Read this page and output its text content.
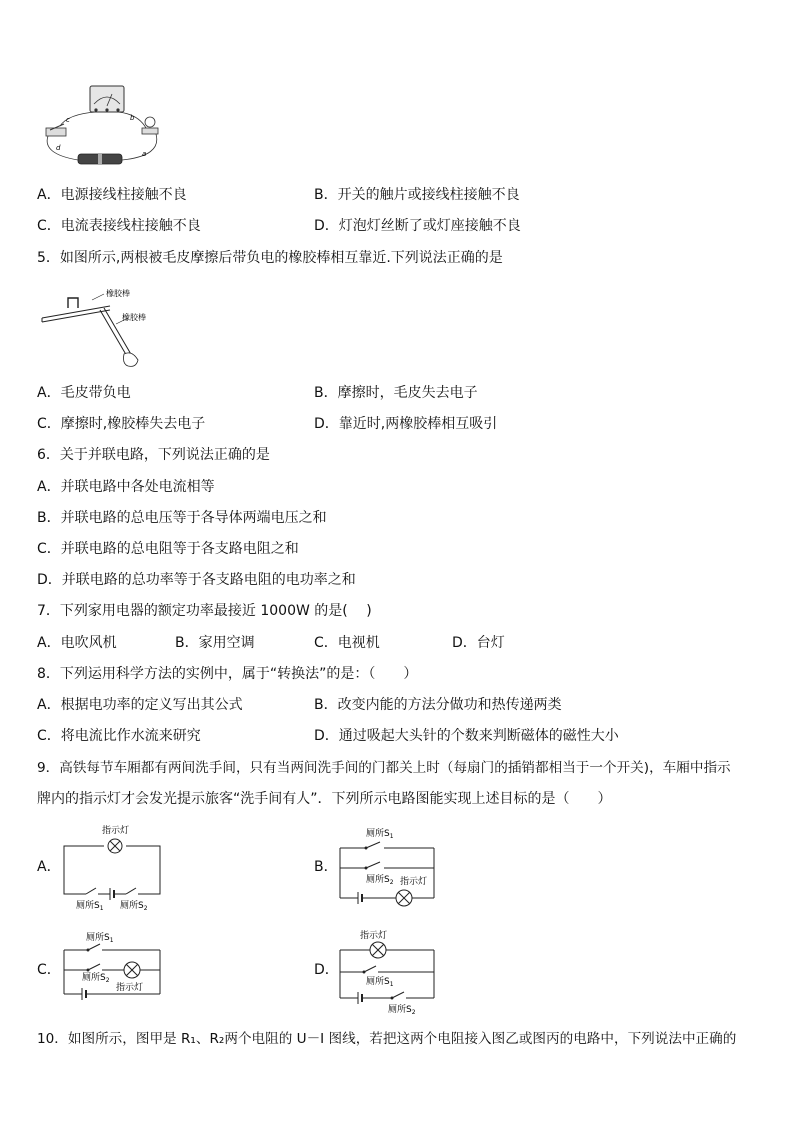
c	b
d
a
A．电源接线柱接触不良	B．开关的触片或接线柱接触不良
C．电流表接线柱接触不良	D．灯泡灯丝断了或灯座接触不良
5．如图所示,两根被毛皮摩擦后带负电的橡胶棒相互靠近.下列说法正确的是
橡胶棒
橡胶棒
A．毛皮带负电	B．摩擦时，毛皮失去电子
C．摩擦时,橡胶棒失去电子	D．靠近时,两橡胶棒相互吸引
6．关于并联电路，下列说法正确的是
A．并联电路中各处电流相等
B．并联电路的总电压等于各导体两端电压之和
C．并联电路的总电阻等于各支路电阻之和
D．并联电路的总功率等于各支路电阻的电功率之和
7．下列家用电器的额定功率最接近 1000W 的是(　 )
A．电吹风机	B．家用空调	C．电视机	D．台灯
8．下列运用科学方法的实例中，属于“转换法”的是：（　　）
A．根据电功率的定义写出其公式	B．改变内能的方法分做功和热传递两类
C．将电流比作水流来研究	D．通过吸起大头针的个数来判断磁体的磁性大小
9．高铁每节车厢都有两间洗手间，只有当两间洗手间的门都关上时（每扇门的插销都相当于一个开关)，车厢中指示
牌内的指示灯才会发光提示旅客“洗手间有人”．下列所示电路图能实现上述目标的是（　　）
A．
指示灯
厕所$S_1$ 厕所$S_2$
B．
厕所$S_1$
厕所$S_2$ 指示灯
C．
厕所$S_1$
厕所$S_2$
指示灯
D．
指示灯
厕所$S_1$
厕所$S_2$
10．如图所示，图甲是 R₁、R₂两个电阻的 U－I 图线，若把这两个电阻接入图乙或图丙的电路中，下列说法中正确的
